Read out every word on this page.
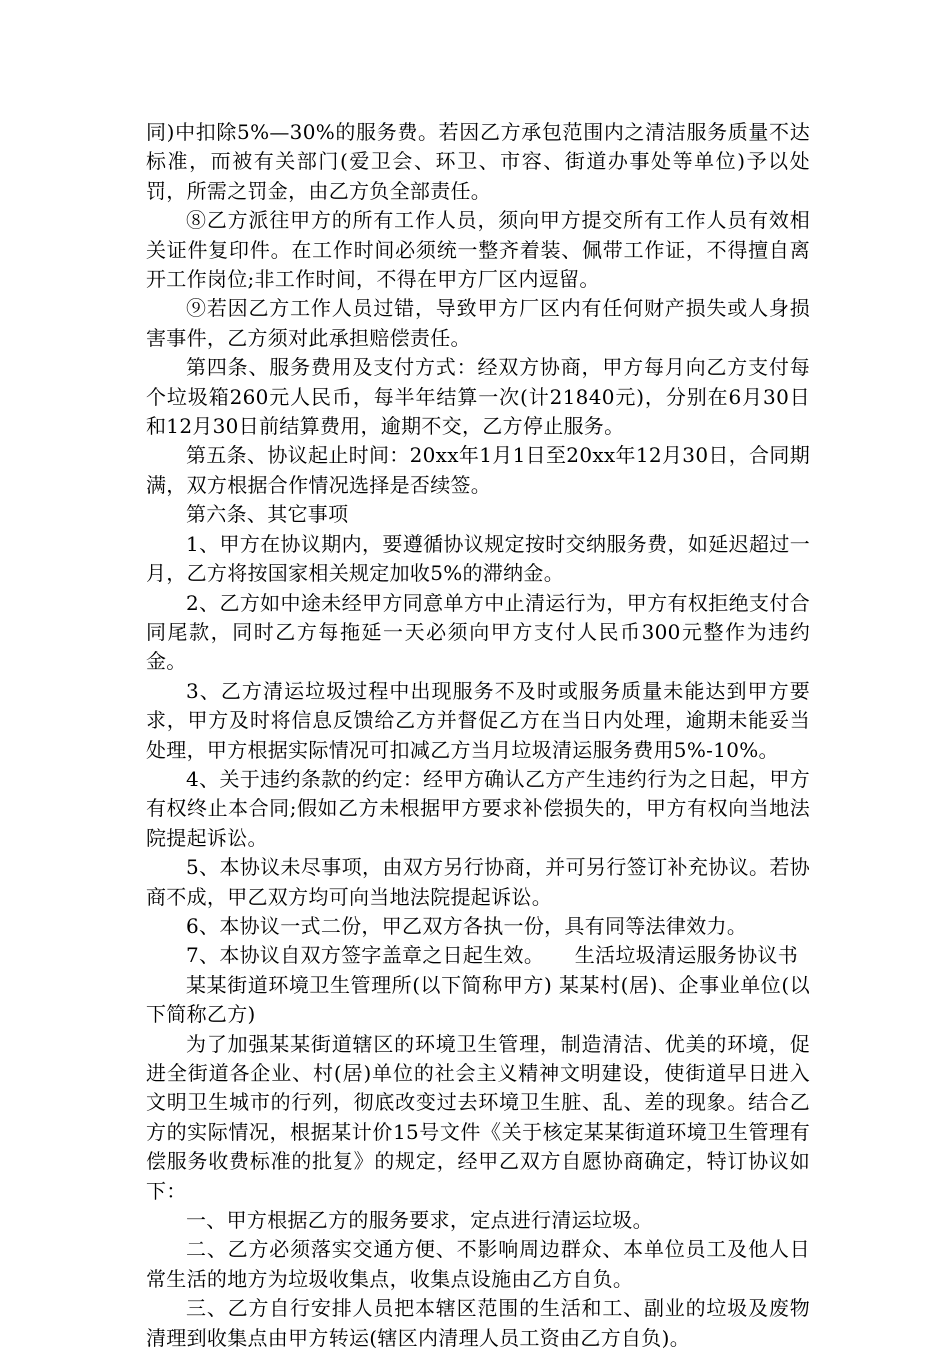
同)中扣除5%—30%的服务费。若因乙方承包范围内之清洁服务质量不达标准，而被有关部门(爱卫会、环卫、市容、街道办事处等单位)予以处罚，所需之罚金，由乙方负全部责任。

⑧乙方派往甲方的所有工作人员，须向甲方提交所有工作人员有效相关证件复印件。在工作时间必须统一整齐着装、佩带工作证，不得擅自离开工作岗位;非工作时间，不得在甲方厂区内逗留。

⑨若因乙方工作人员过错，导致甲方厂区内有任何财产损失或人身损害事件，乙方须对此承担赔偿责任。

第四条、服务费用及支付方式：经双方协商，甲方每月向乙方支付每个垃圾箱260元人民币，每半年结算一次(计21840元)，分别在6月30日和12月30日前结算费用，逾期不交，乙方停止服务。

第五条、协议起止时间：20xx年1月1日至20xx年12月30日，合同期满，双方根据合作情况选择是否续签。

第六条、其它事项

1、甲方在协议期内，要遵循协议规定按时交纳服务费，如延迟超过一月，乙方将按国家相关规定加收5%的滞纳金。

2、乙方如中途未经甲方同意单方中止清运行为，甲方有权拒绝支付合同尾款，同时乙方每拖延一天必须向甲方支付人民币300元整作为违约金。

3、乙方清运垃圾过程中出现服务不及时或服务质量未能达到甲方要求，甲方及时将信息反馈给乙方并督促乙方在当日内处理，逾期未能妥当处理，甲方根据实际情况可扣减乙方当月垃圾清运服务费用5%-10%。

4、关于违约条款的约定：经甲方确认乙方产生违约行为之日起，甲方有权终止本合同;假如乙方未根据甲方要求补偿损失的，甲方有权向当地法院提起诉讼。

5、本协议未尽事项，由双方另行协商，并可另行签订补充协议。若协商不成，甲乙双方均可向当地法院提起诉讼。

6、本协议一式二份，甲乙双方各执一份，具有同等法律效力。

7、本协议自双方签字盖章之日起生效。　　生活垃圾清运服务协议书

某某街道环境卫生管理所(以下简称甲方) 某某村(居)、企事业单位(以下简称乙方)

为了加强某某街道辖区的环境卫生管理，制造清洁、优美的环境，促进全街道各企业、村(居)单位的社会主义精神文明建设，使街道早日进入文明卫生城市的行列，彻底改变过去环境卫生脏、乱、差的现象。结合乙方的实际情况，根据某计价15号文件《关于核定某某街道环境卫生管理有偿服务收费标准的批复》的规定，经甲乙双方自愿协商确定，特订协议如下：

一、甲方根据乙方的服务要求，定点进行清运垃圾。

二、乙方必须落实交通方便、不影响周边群众、本单位员工及他人日常生活的地方为垃圾收集点，收集点设施由乙方自负。

三、乙方自行安排人员把本辖区范围的生活和工、副业的垃圾及废物清理到收集点由甲方转运(辖区内清理人员工资由乙方自负)。
